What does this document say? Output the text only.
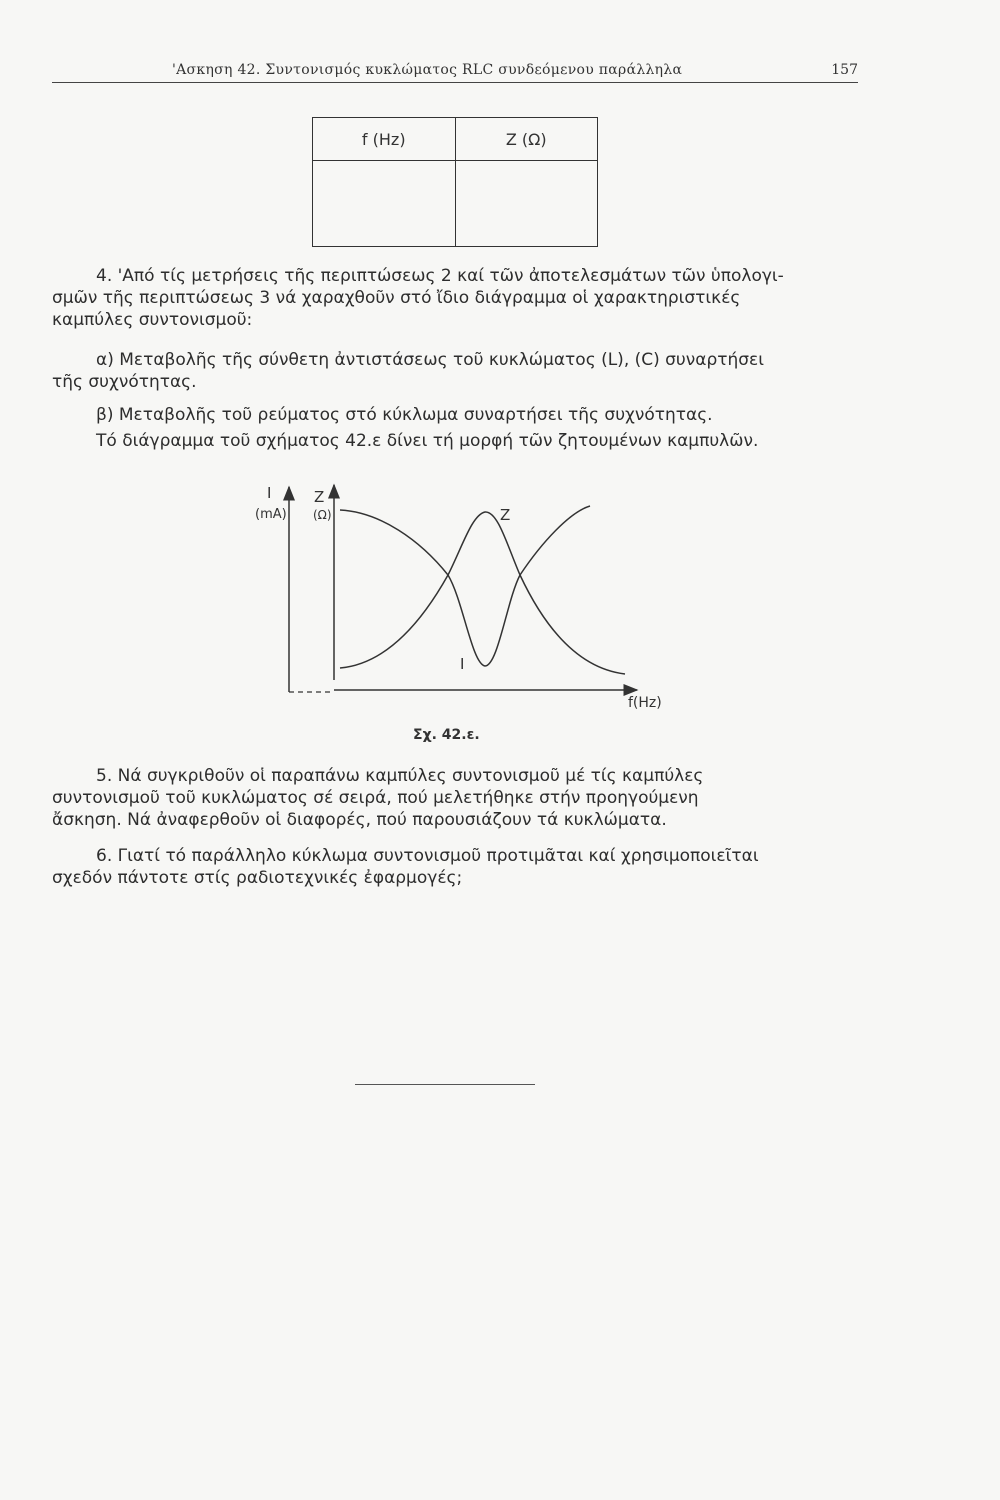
'Ασκηση 42. Συντονισμός κυκλώματος RLC συνδεόμενου παράλληλα	157
f (Hz)	Z (Ω)

4. 'Από τίς μετρήσεις τῆς περιπτώσεως 2 καί τῶν ἀποτελεσμάτων τῶν ὑπολογι-
σμῶν τῆς περιπτώσεως 3 νά χαραχθοῦν στό ἴδιο διάγραμμα οἱ χαρακτηριστικές
καμπύλες συντονισμοῦ:
α) Μεταβολῆς τῆς σύνθετη ἀντιστάσεως τοῦ κυκλώματος (L), (C) συναρτήσει
τῆς συχνότητας.
β) Μεταβολῆς τοῦ ρεύματος στό κύκλωμα συναρτήσει τῆς συχνότητας.
Τό διάγραμμα τοῦ σχήματος 42.ε δίνει τή μορφή τῶν ζητουμένων καμπυλῶν.
I
(mA)
Z
(Ω)
f(Hz)
Z
I
Σχ. 42.ε.
5. Νά συγκριθοῦν οἱ παραπάνω καμπύλες συντονισμοῦ μέ τίς καμπύλες
συντονισμοῦ τοῦ κυκλώματος σέ σειρά, πού μελετήθηκε στήν προηγούμενη
ἄσκηση. Νά ἀναφερθοῦν οἱ διαφορές, πού παρουσιάζουν τά κυκλώματα.
6. Γιατί τό παράλληλο κύκλωμα συντονισμοῦ προτιμᾶται καί χρησιμοποιεῖται
σχεδόν πάντοτε στίς ραδιοτεχνικές ἐφαρμογές;
